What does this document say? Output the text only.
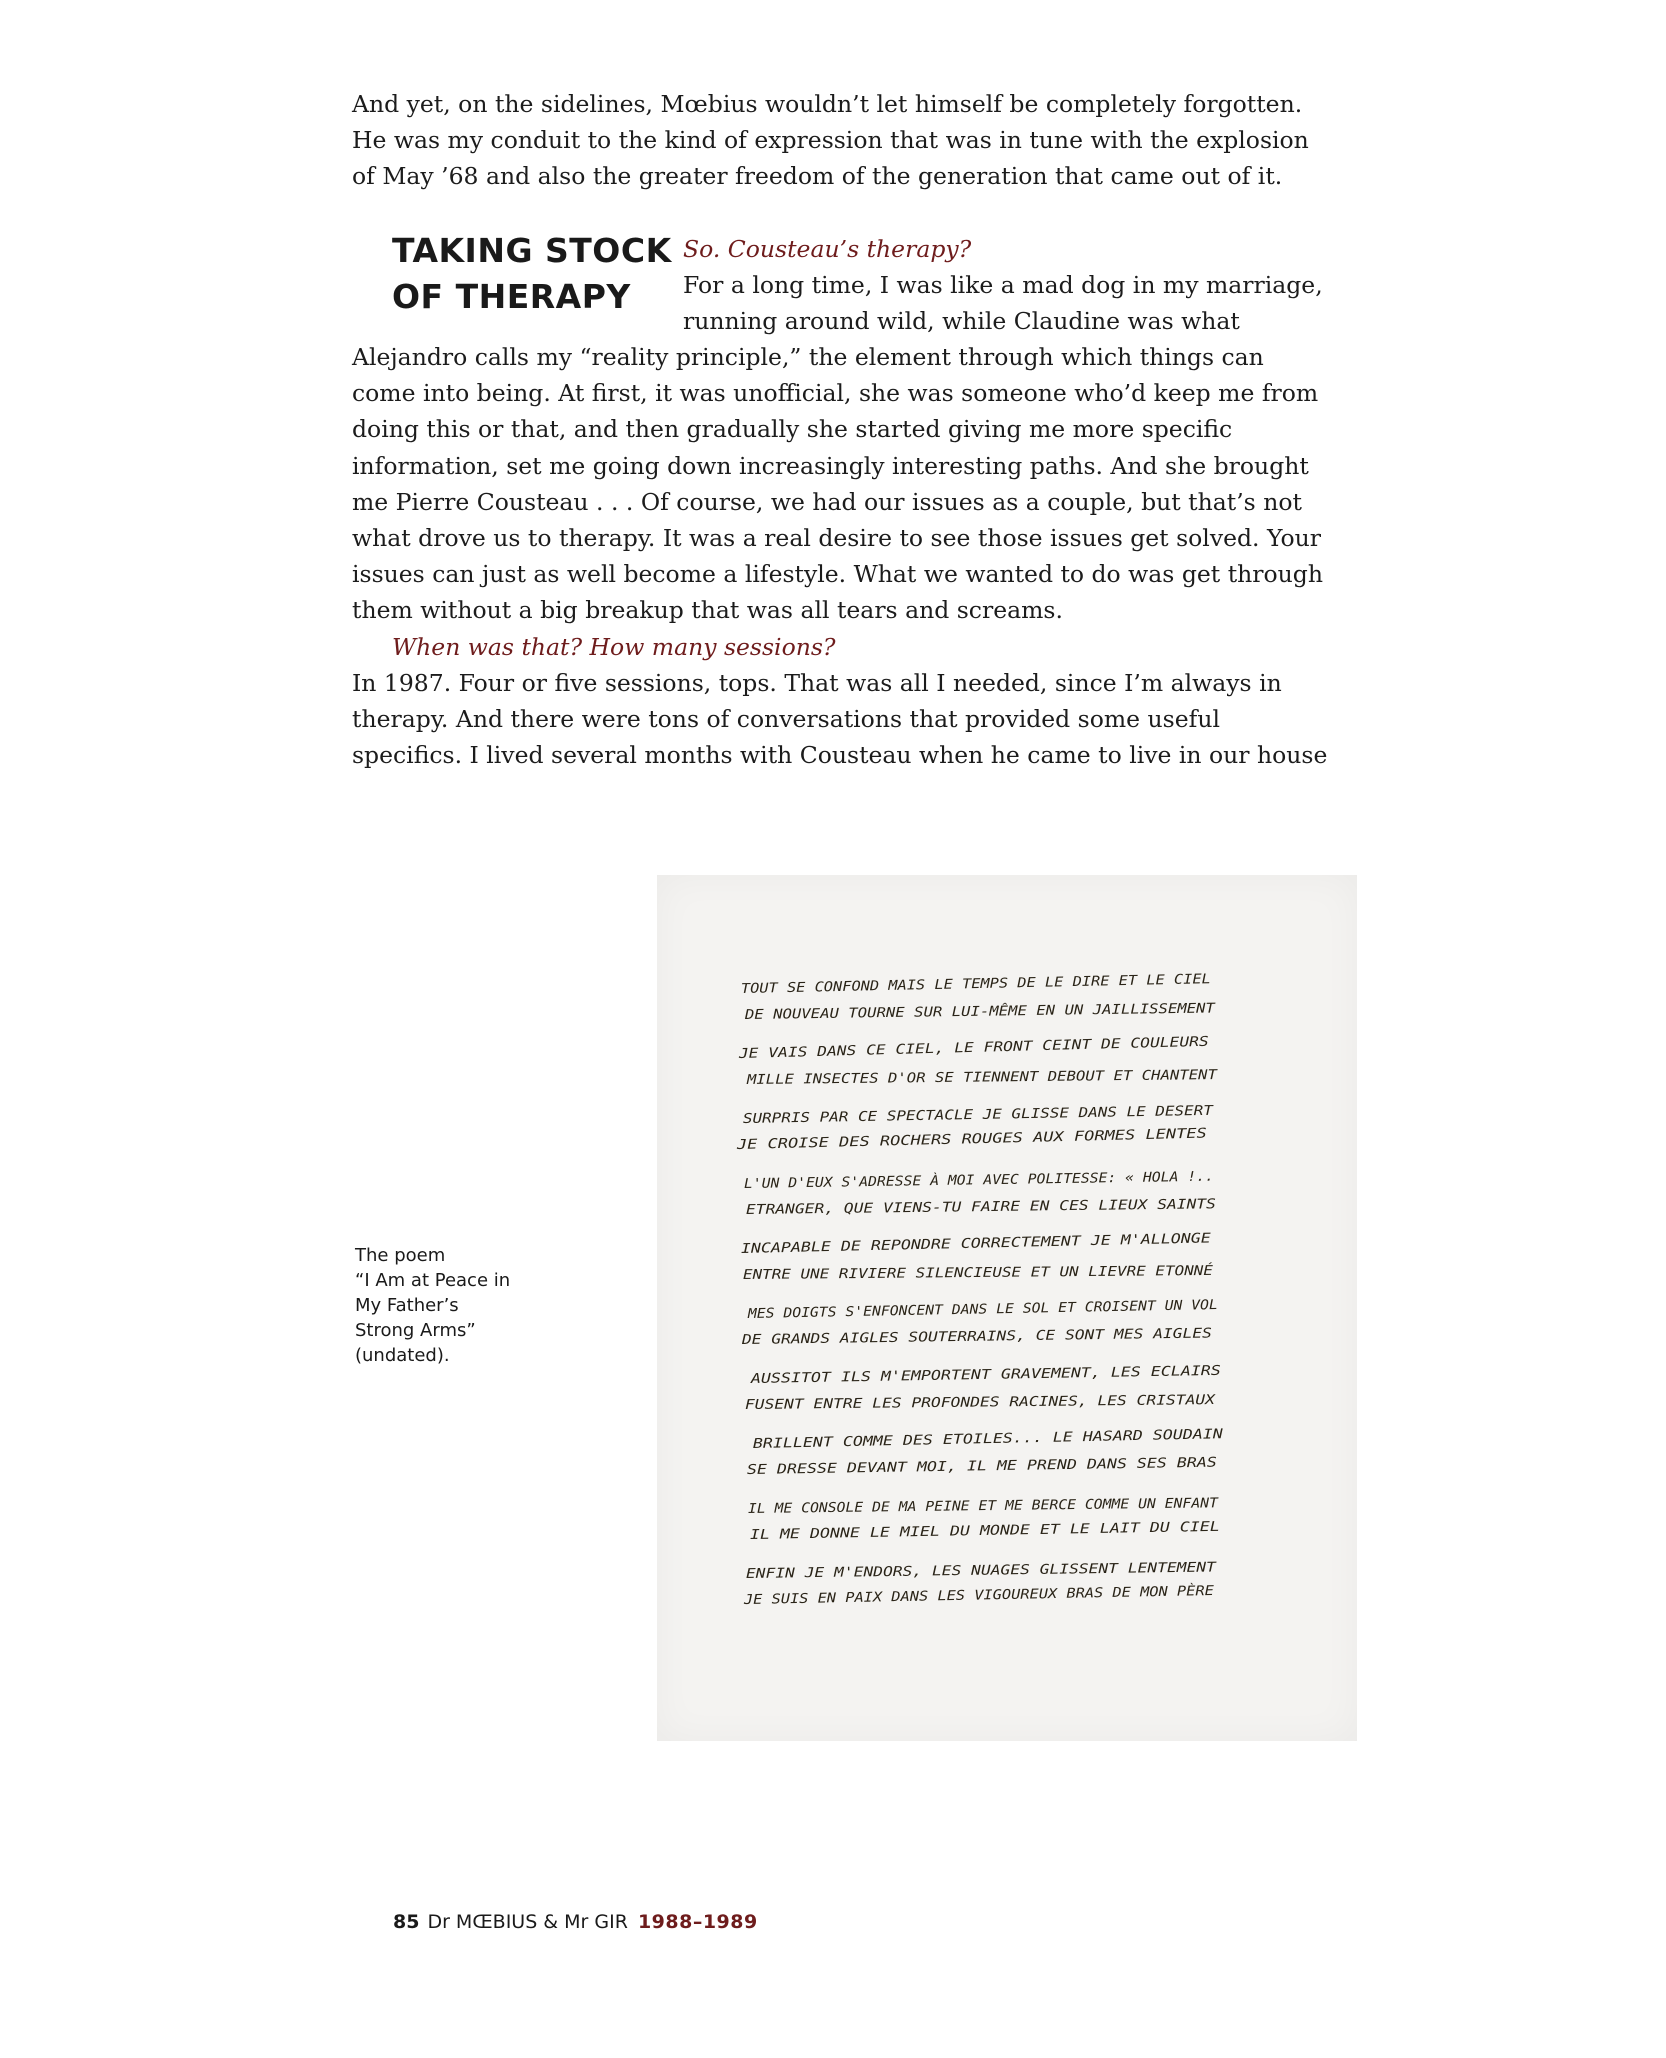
And yet, on the sidelines, Mœbius wouldn’t let himself be completely forgotten.
He was my conduit to the kind of expression that was in tune with the explosion
of May ’68 and also the greater freedom of the generation that came out of it.
TAKING STOCK
OF THERAPY
So. Cousteau’s therapy?
For a long time, I was like a mad dog in my marriage,
running around wild, while Claudine was what
Alejandro calls my “reality principle,” the element through which things can
come into being. At first, it was unofficial, she was someone who’d keep me from
doing this or that, and then gradually she started giving me more specific
information, set me going down increasingly interesting paths. And she brought
me Pierre Cousteau . . . Of course, we had our issues as a couple, but that’s not
what drove us to therapy. It was a real desire to see those issues get solved. Your
issues can just as well become a lifestyle. What we wanted to do was get through
them without a big breakup that was all tears and screams.
When was that? How many sessions?
In 1987. Four or five sessions, tops. That was all I needed, since I’m always in
therapy. And there were tons of conversations that provided some useful
specifics. I lived several months with Cousteau when he came to live in our house
The poem
“I Am at Peace in
My Father’s
Strong Arms”
(undated).
TOUT SE CONFOND MAIS LE TEMPS DE LE DIRE ET LE CIEL
DE NOUVEAU TOURNE SUR LUI-MÊME EN UN JAILLISSEMENT
JE VAIS DANS CE CIEL, LE FRONT CEINT DE COULEURS
MILLE INSECTES D'OR SE TIENNENT DEBOUT ET CHANTENT
SURPRIS PAR CE SPECTACLE JE GLISSE DANS LE DESERT
JE CROISE DES ROCHERS ROUGES AUX FORMES LENTES
L'UN D'EUX S'ADRESSE À MOI AVEC POLITESSE: « HOLA !..
ETRANGER, QUE VIENS-TU FAIRE EN CES LIEUX SAINTS
INCAPABLE DE REPONDRE CORRECTEMENT JE M'ALLONGE
ENTRE UNE RIVIERE SILENCIEUSE ET UN LIEVRE ETONNÉ
MES DOIGTS S'ENFONCENT DANS LE SOL ET CROISENT UN VOL
DE GRANDS AIGLES SOUTERRAINS, CE SONT MES AIGLES
AUSSITOT ILS M'EMPORTENT GRAVEMENT, LES ECLAIRS
FUSENT ENTRE LES PROFONDES RACINES, LES CRISTAUX
BRILLENT COMME DES ETOILES... LE HASARD SOUDAIN
SE DRESSE DEVANT MOI, IL ME PREND DANS SES BRAS
IL ME CONSOLE DE MA PEINE ET ME BERCE COMME UN ENFANT
IL ME DONNE LE MIEL DU MONDE ET LE LAIT DU CIEL
ENFIN JE M'ENDORS, LES NUAGES GLISSENT LENTEMENT
JE SUIS EN PAIX DANS LES VIGOUREUX BRAS DE MON PÈRE
85 Dr MŒBIUS & Mr GIR 1988–1989
